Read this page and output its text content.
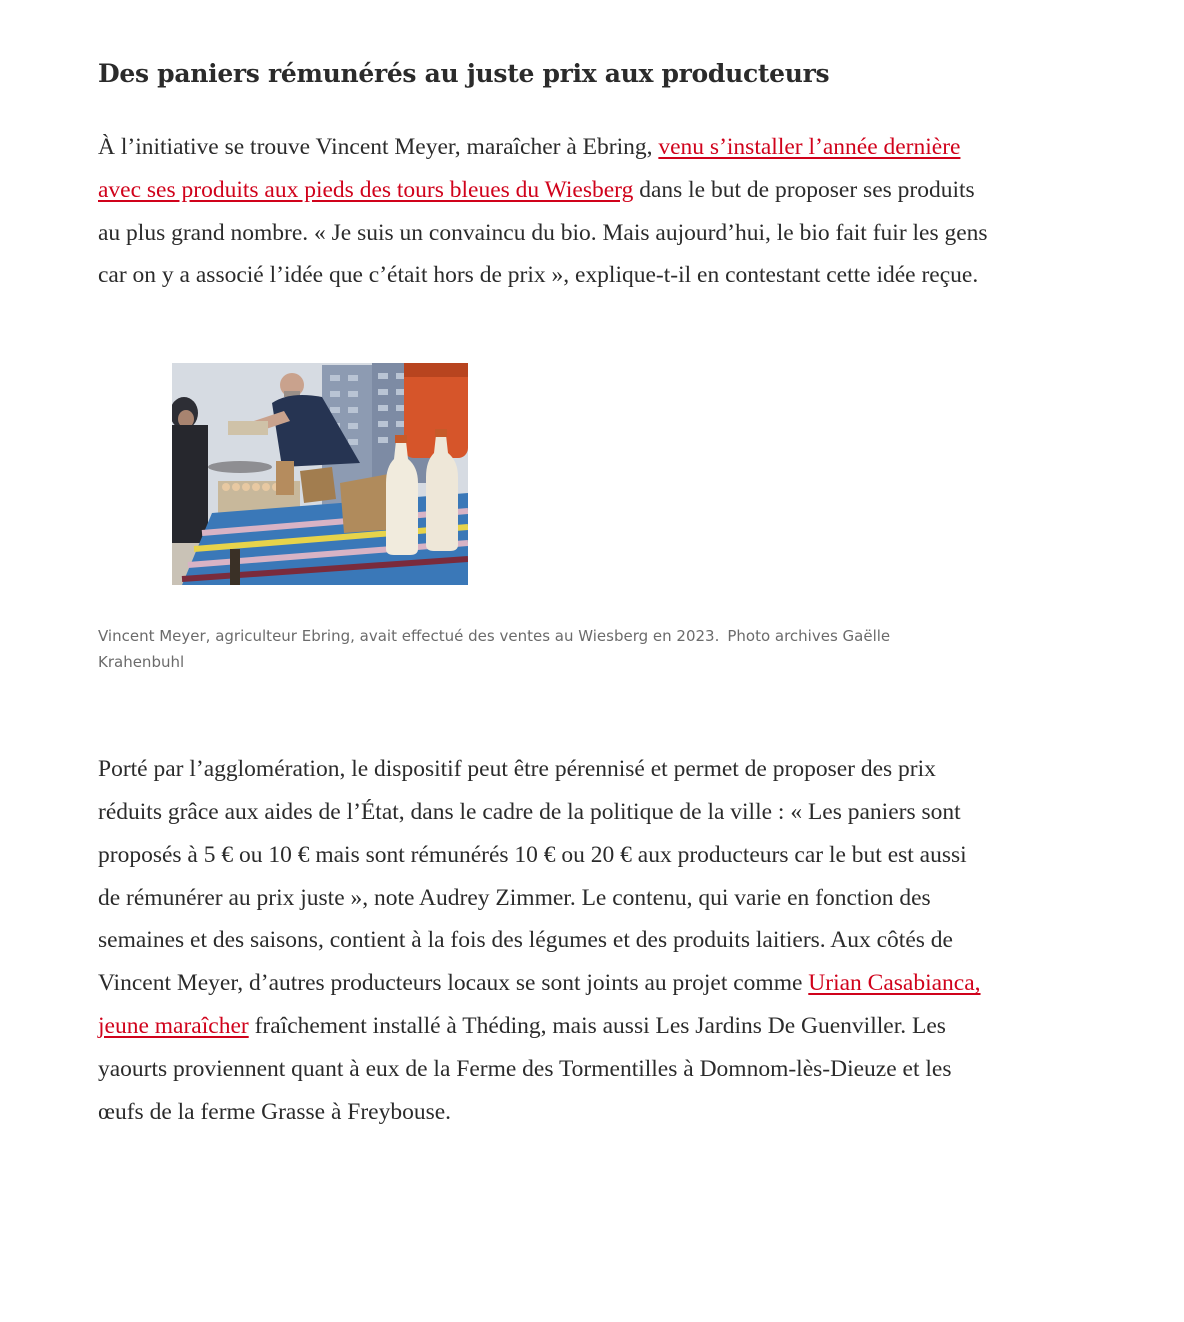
Des paniers rémunérés au juste prix aux producteurs

À l’initiative se trouve Vincent Meyer, maraîcher à Ebring, venu s’installer l’année dernière avec ses produits aux pieds des tours bleues du Wiesberg dans le but de proposer ses produits au plus grand nombre. « Je suis un convaincu du bio. Mais aujourd’hui, le bio fait fuir les gens car on y a associé l’idée que c’était hors de prix », explique-t-il en contestant cette idée reçue.

Vincent Meyer, agriculteur Ebring, avait effectué des ventes au Wiesberg en 2023. Photo archives Gaëlle Krahenbuhl

Porté par l’agglomération, le dispositif peut être pérennisé et permet de proposer des prix réduits grâce aux aides de l’État, dans le cadre de la politique de la ville : « Les paniers sont proposés à 5 € ou 10 € mais sont rémunérés 10 € ou 20 € aux producteurs car le but est aussi de rémunérer au prix juste », note Audrey Zimmer. Le contenu, qui varie en fonction des semaines et des saisons, contient à la fois des légumes et des produits laitiers. Aux côtés de Vincent Meyer, d’autres producteurs locaux se sont joints au projet comme Urian Casabianca, jeune maraîcher fraîchement installé à Théding, mais aussi Les Jardins De Guenviller. Les yaourts proviennent quant à eux de la Ferme des Tormentilles à Domnom-lès-Dieuze et les œufs de la ferme Grasse à Freybouse.
